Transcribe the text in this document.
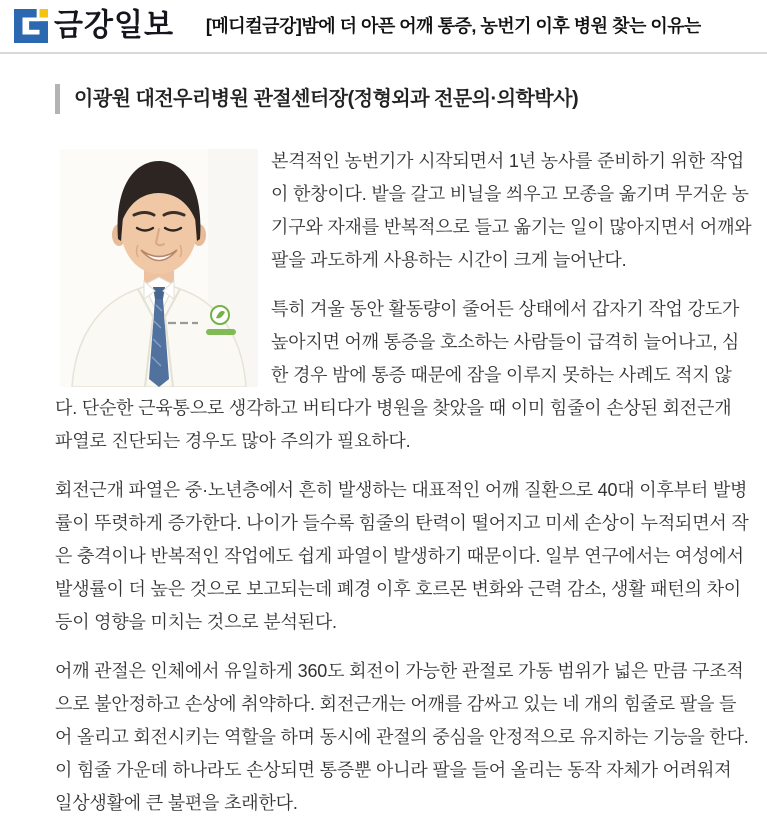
금강일보 [메디컬금강]밤에 더 아픈 어깨 통증, 농번기 이후 병원 찾는 이유는
이광원 대전우리병원 관절센터장(정형외과 전문의·의학박사)

본격적인 농번기가 시작되면서 1년 농사를 준비하기 위한 작업이 한창이다. 밭을 갈고 비닐을 씌우고 모종을 옮기며 무거운 농기구와 자재를 반복적으로 들고 옮기는 일이 많아지면서 어깨와 팔을 과도하게 사용하는 시간이 크게 늘어난다.

특히 겨울 동안 활동량이 줄어든 상태에서 갑자기 작업 강도가 높아지면 어깨 통증을 호소하는 사람들이 급격히 늘어나고, 심한 경우 밤에 통증 때문에 잠을 이루지 못하는 사례도 적지 않다. 단순한 근육통으로 생각하고 버티다가 병원을 찾았을 때 이미 힘줄이 손상된 회전근개 파열로 진단되는 경우도 많아 주의가 필요하다.

회전근개 파열은 중·노년층에서 흔히 발생하는 대표적인 어깨 질환으로 40대 이후부터 발병률이 뚜렷하게 증가한다. 나이가 들수록 힘줄의 탄력이 떨어지고 미세 손상이 누적되면서 작은 충격이나 반복적인 작업에도 쉽게 파열이 발생하기 때문이다. 일부 연구에서는 여성에서 발생률이 더 높은 것으로 보고되는데 폐경 이후 호르몬 변화와 근력 감소, 생활 패턴의 차이 등이 영향을 미치는 것으로 분석된다.

어깨 관절은 인체에서 유일하게 360도 회전이 가능한 관절로 가동 범위가 넓은 만큼 구조적으로 불안정하고 손상에 취약하다. 회전근개는 어깨를 감싸고 있는 네 개의 힘줄로 팔을 들어 올리고 회전시키는 역할을 하며 동시에 관절의 중심을 안정적으로 유지하는 기능을 한다. 이 힘줄 가운데 하나라도 손상되면 통증뿐 아니라 팔을 들어 올리는 동작 자체가 어려워져 일상생활에 큰 불편을 초래한다.
